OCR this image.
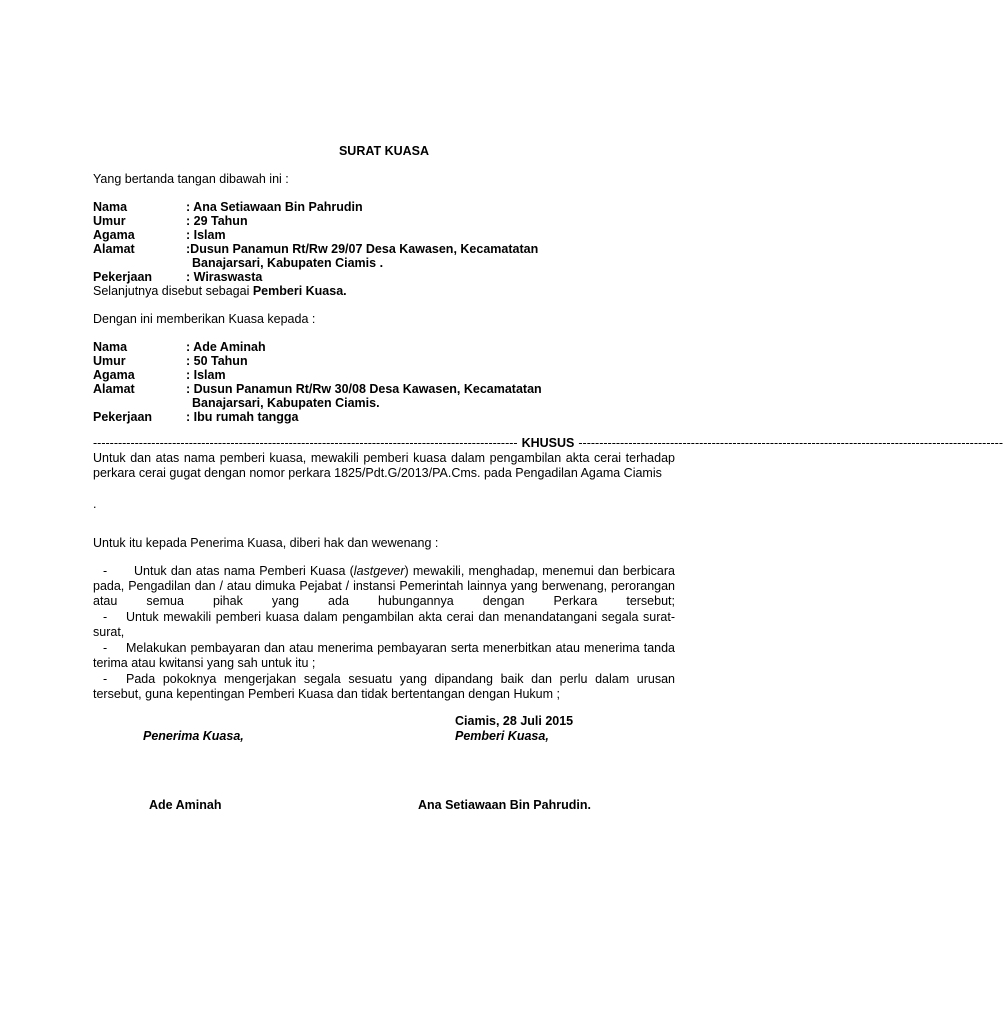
SURAT KUASA
Yang bertanda tangan dibawah ini :
Nama	: Ana Setiawaan Bin Pahrudin
Umur	: 29 Tahun
Agama	: Islam
Alamat	:Dusun Panamun Rt/Rw 29/07 Desa Kawasen, Kecamatatan
Banajarsari, Kabupaten Ciamis .
Pekerjaan	: Wiraswasta
Selanjutnya disebut sebagai Pemberi Kuasa.
Dengan ini memberikan Kuasa kepada :
Nama	: Ade Aminah
Umur	: 50 Tahun
Agama	: Islam
Alamat	: Dusun Panamun Rt/Rw 30/08 Desa Kawasen, Kecamatatan
Banajarsari, Kabupaten Ciamis.
Pekerjaan	: Ibu rumah tangga
------------------------------------------------------------------------------------------------------ KHUSUS ------------------------------------------------------------------------------------------------------
Untuk dan atas nama pemberi kuasa, mewakili pemberi kuasa dalam pengambilan akta cerai terhadap perkara cerai gugat dengan nomor perkara 1825/Pdt.G/2013/PA.Cms. pada Pengadilan Agama Ciamis
.
Untuk itu kepada Penerima Kuasa, diberi hak dan wewenang :
-	Untuk dan atas nama Pemberi Kuasa (lastgever) mewakili, menghadap, menemui dan berbicara pada, Pengadilan dan / atau dimuka Pejabat / instansi Pemerintah lainnya yang berwenang, perorangan atau semua pihak yang ada hubungannya dengan Perkara tersebut;
-	Untuk mewakili pemberi kuasa dalam pengambilan akta cerai dan menandatangani segala surat-surat,
-	Melakukan pembayaran dan atau menerima pembayaran serta menerbitkan atau menerima tanda terima atau kwitansi yang sah untuk itu ;
-	Pada pokoknya mengerjakan segala sesuatu yang dipandang baik dan perlu dalam urusan tersebut, guna kepentingan Pemberi Kuasa dan tidak bertentangan dengan Hukum ;
Ciamis, 28 Juli 2015
Penerima Kuasa,	Pemberi Kuasa,
Ade Aminah	Ana Setiawaan Bin Pahrudin.
